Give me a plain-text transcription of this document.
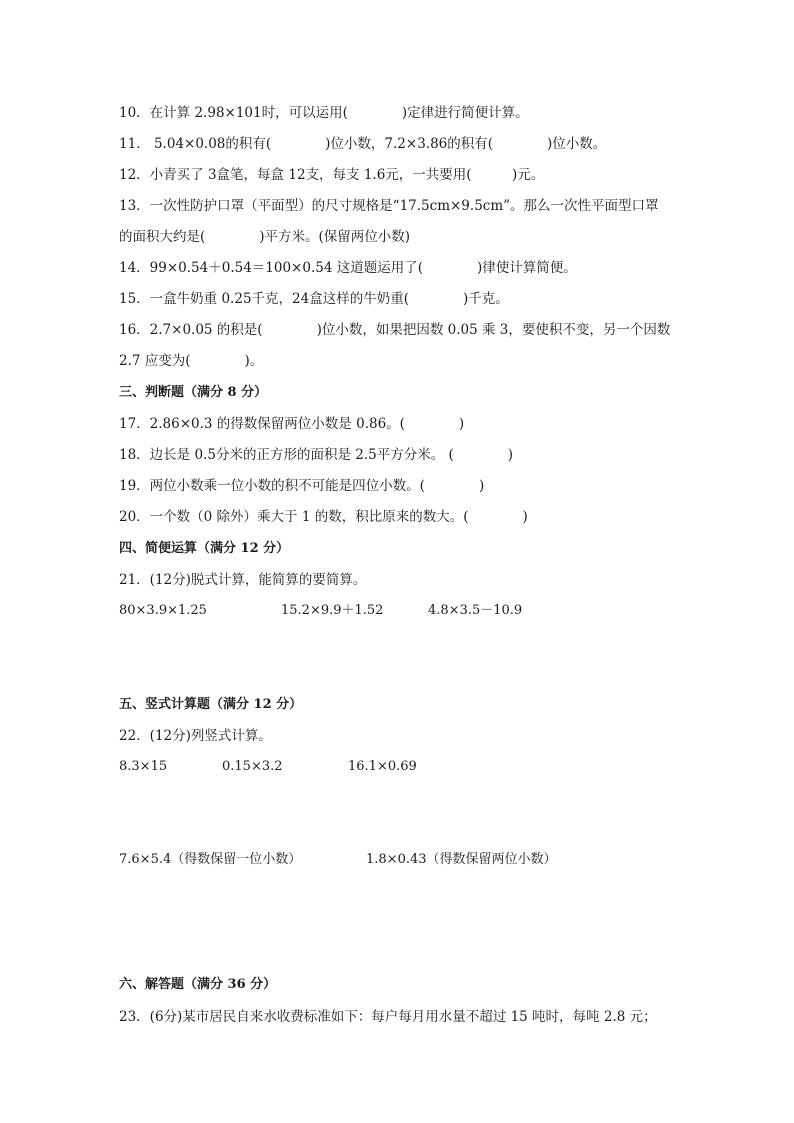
10．在计算 2.98×101时，可以运用(　　　　)定律进行简便计算。

11． 5.04×0.08的积有(　　　　)位小数，7.2×3.86的积有(　　　　)位小数。

12．小青买了 3盒笔，每盒 12支，每支 1.6元，一共要用(　　　)元。

13．一次性防护口罩（平面型）的尺寸规格是“17.5cm×9.5cm”。那么一次性平面型口罩

的面积大约是(　　　　)平方米。(保留两位小数)

14．99×0.54＋0.54＝100×0.54 这道题运用了(　　　　)律使计算简便。

15．一盒牛奶重 0.25千克，24盒这样的牛奶重(　　　　)千克。

16．2.7×0.05 的积是(　　　　)位小数，如果把因数 0.05 乘 3，要使积不变，另一个因数

2.7 应变为(　　　　)。

三、判断题（满分 8 分）

17．2.86×0.3 的得数保留两位小数是 0.86。(　　　　)

18．边长是 0.5分米的正方形的面积是 2.5平方分米。 (　　　　)

19．两位小数乘一位小数的积不可能是四位小数。(　　　　)

20．一个数（0 除外）乘大于 1 的数，积比原来的数大。(　　　　)

四、简便运算（满分 12 分）

21．(12分)脱式计算，能简算的要简算。

80×3.9×1.25	15.2×9.9＋1.52	4.8×3.5－10.9

五、竖式计算题（满分 12 分）

22．(12分)列竖式计算。

8.3×15	0.15×3.2	16.1×0.69
7.6×5.4（得数保留一位小数）	1.8×0.43（得数保留两位小数）

六、解答题（满分 36 分）

23．(6分)某市居民自来水收费标准如下：每户每月用水量不超过 15 吨时，每吨 2.8 元；
